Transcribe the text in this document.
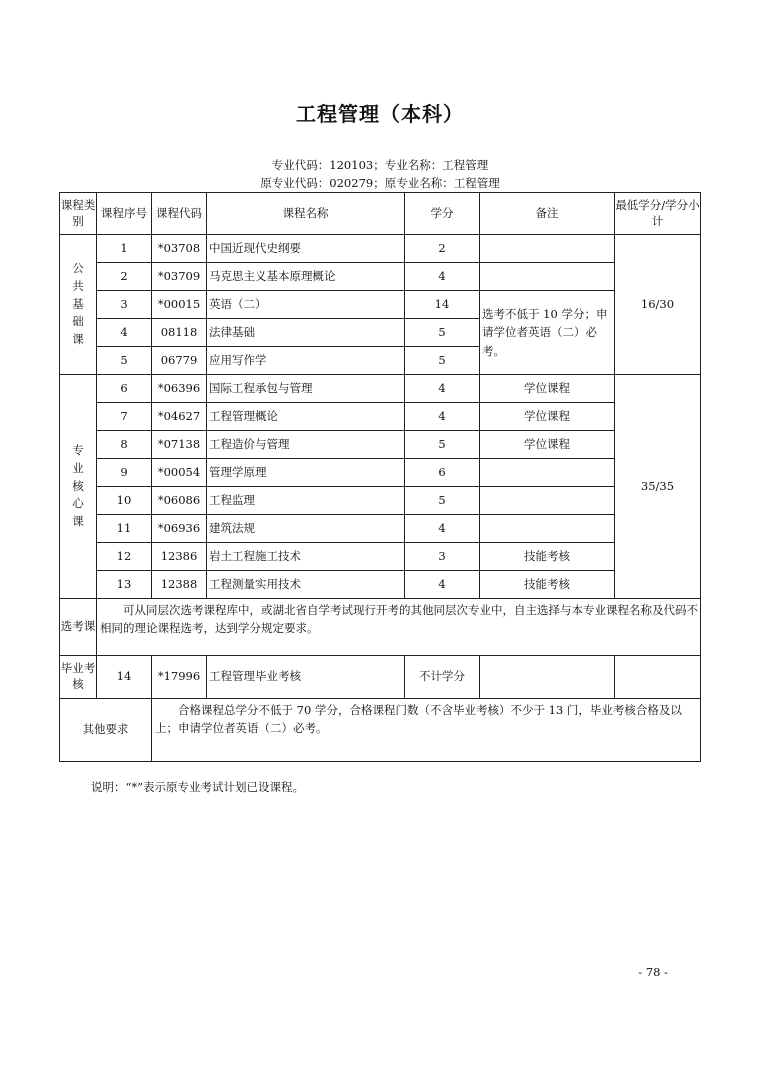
工程管理（本科）
专业代码：120103；专业名称：工程管理
原专业代码：020279；原专业名称：工程管理
课程类别	课程序号	课程代码	课程名称	学分	备注	最低学分/学分小计

公
共
基
础
课	1	*03708	中国近现代史纲要	2		16/30
	2	*03709	马克思主义基本原理概论	4		
	3	*00015	英语（二）	14	选考不低于 10 学分；申请学位者英语（二）必考。	
	4	08118	法律基础	5		
	5	06779	应用写作学	5		

专
业
核
心
课	6	*06396	国际工程承包与管理	4	学位课程	35/35
	7	*04627	工程管理概论	4	学位课程	
	8	*07138	工程造价与管理	5	学位课程	
	9	*00054	管理学原理	6		
	10	*06086	工程监理	5		
	11	*06936	建筑法规	4		
	12	12386	岩土工程施工技术	3	技能考核	
	13	12388	工程测量实用技术	4	技能考核	
选考课	可从同层次选考课程库中，或湖北省自学考试现行开考的其他同层次专业中，自主选择与本专业课程名称及代码不相同的理论课程选考，达到学分规定要求。					

毕业考核	14	*17996	工程管理毕业考核	不计学分		
其他要求		合格课程总学分不低于 70 学分，合格课程门数（不含毕业考核）不少于 13 门，毕业考核合格及以上；申请学位者英语（二）必考。				
说明：“*”表示原专业考试计划已设课程。
- 78 -
